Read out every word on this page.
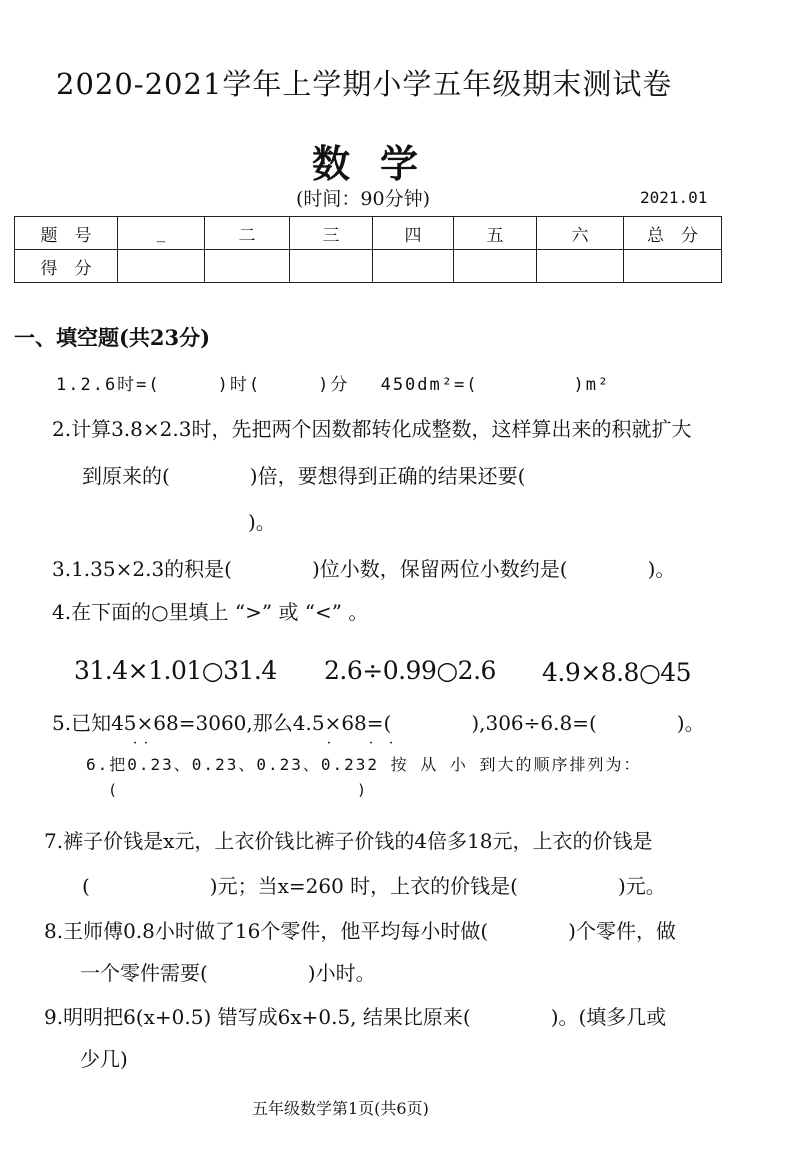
2020-2021学年上学期小学五年级期末测试卷
数学
(时间：90分钟)	2021.01
题　号	_	二	三	四	五	六	总　分
得　分							
一、填空题(共23分)
1.2.6时=(　　　)时(　　　)分　 450dm²=(　　　　　)m²
2.计算3.8×2.3时，先把两个因数都转化成整数，这样算出来的积就扩大
到原来的(　　　　)倍，要想得到正确的结果还要(
)。
3.1.35×2.3的积是(　　　　)位小数，保留两位小数约是(　　　　)。
4.在下面的○里填上 “>” 或 “<” 。
31.4×1.01○31.4 2.6÷0.99○2.6 4.9×8.8○45
5.已知45×68=3060,那么4.5×68=(　　　　),306÷6.8=(　　　　)。
6.把0.23、0.23、0.23、0.232 按 从 小 到大的顺序排列为：
˙ ˙	˙ ˙ ˙
(　　　　　　　　　　　　　　)
7.裤子价钱是x元，上衣价钱比裤子价钱的4倍多18元，上衣的价钱是
(　　　　　　)元；当x=260 时，上衣的价钱是(　　　　　)元。
8.王师傅0.8小时做了16个零件，他平均每小时做(　　　　)个零件，做
一个零件需要(　　　　　)小时。
9.明明把6(x+0.5) 错写成6x+0.5, 结果比原来(　　　　)。(填多几或
少几)
五年级数学第1页(共6页)
